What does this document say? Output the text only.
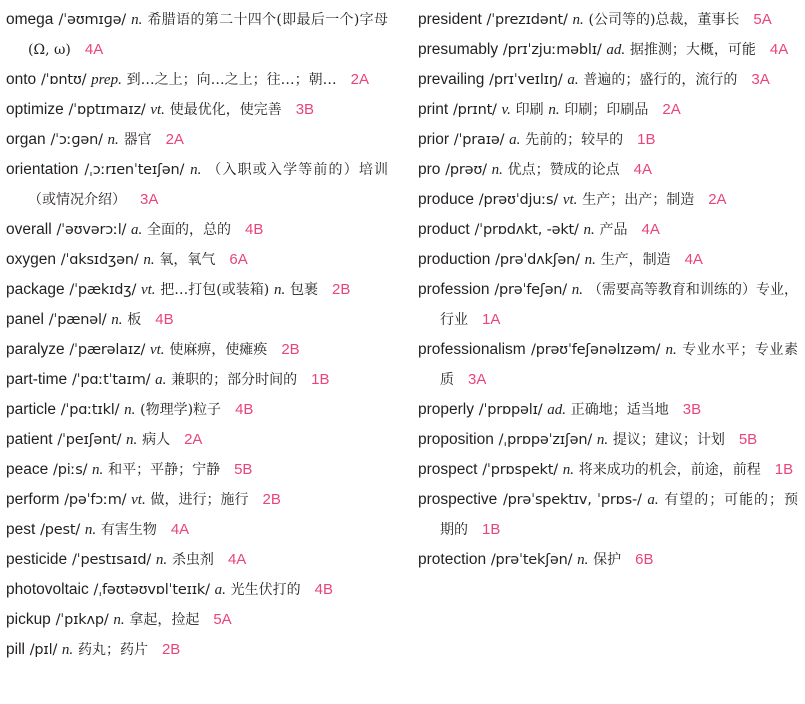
omega /ˈəʊmɪɡə/ n. 希腊语的第二十四个(即最后一个)字母(Ω, ω) 4A

onto /ˈɒntʊ/ prep. 到…之上；向…之上；往…；朝… 2A

optimize /ˈɒptɪmaɪz/ vt. 使最优化，使完善 3B

organ /ˈɔːɡən/ n. 器官 2A

orientation /ˌɔːrɪenˈteɪʃən/ n. （入职或入学等前的）培训（或情况介绍） 3A

overall /ˈəʊvərɔːl/ a. 全面的，总的 4B

oxygen /ˈɑksɪdʒən/ n. 氧，氧气 6A

package /ˈpækɪdʒ/ vt. 把…打包(或装箱) n. 包裹 2B

panel /ˈpænəl/ n. 板 4B

paralyze /ˈpærəlaɪz/ vt. 使麻痹，使瘫痪 2B

part-time /ˈpɑːtˈtaɪm/ a. 兼职的；部分时间的 1B

particle /ˈpɑːtɪkl/ n. (物理学)粒子 4B

patient /ˈpeɪʃənt/ n. 病人 2A

peace /piːs/ n. 和平；平静；宁静 5B

perform /pəˈfɔːm/ vt. 做，进行；施行 2B

pest /pest/ n. 有害生物 4A

pesticide /ˈpestɪsaɪd/ n. 杀虫剂 4A

photovoltaic /ˌfəʊtəʊvɒlˈteɪɪk/ a. 光生伏打的 4B

pickup /ˈpɪkʌp/ n. 拿起，捡起 5A

pill /pɪl/ n. 药丸；药片 2B

president /ˈprezɪdənt/ n. (公司等的)总裁，董事长 5A

presumably /prɪˈzjuːməblɪ/ ad. 据推测；大概，可能 4A

prevailing /prɪˈveɪlɪŋ/ a. 普遍的；盛行的，流行的 3A

print /prɪnt/ v. 印刷 n. 印刷；印刷品 2A

prior /ˈpraɪə/ a. 先前的；较早的 1B

pro /prəʊ/ n. 优点；赞成的论点 4A

produce /prəʊˈdjuːs/ vt. 生产；出产；制造 2A

product /ˈprɒdʌkt, -əkt/ n. 产品 4A

production /prəˈdʌkʃən/ n. 生产，制造 4A

profession /prəˈfeʃən/ n. （需要高等教育和训练的）专业，行业 1A

professionalism /prəʊˈfeʃənəlɪzəm/ n. 专业水平；专业素质 3A

properly /ˈprɒpəlɪ/ ad. 正确地；适当地 3B

proposition /ˌprɒpəˈzɪʃən/ n. 提议；建议；计划 5B

prospect /ˈprɒspekt/ n. 将来成功的机会，前途，前程 1B

prospective /prəˈspektɪv, ˈprɒs-/ a. 有望的；可能的；预期的 1B

protection /prəˈtekʃən/ n. 保护 6B
